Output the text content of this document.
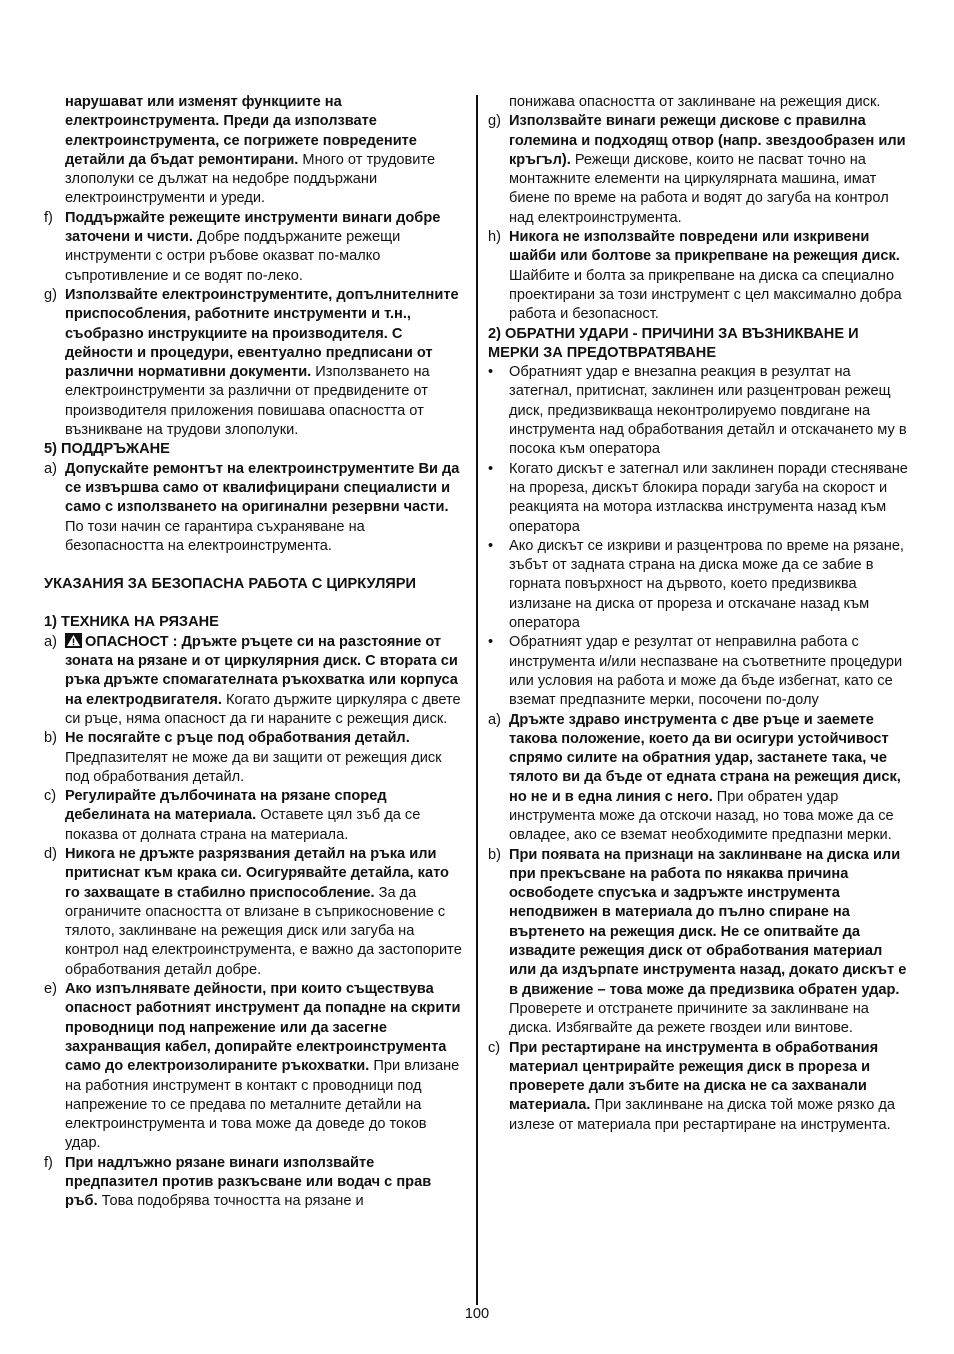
нарушават или изменят функциите на електроинструмента. Преди да използвате електроинструмента, се погрижете повредените детайли да бъдат ремонтирани. Много от трудовите злополуки се дължат на недобре поддържани електроинструменти и уреди.

f) Поддържайте режещите инструменти винаги добре заточени и чисти. Добре поддържаните режещи инструменти с остри ръбове оказват по-малко съпротивление и се водят по-леко.
g) Използвайте електроинструментите, допълнителните приспособления, работните инструменти и т.н., съобразно инструкциите на производителя. С дейности и процедури, евентуално предписани от различни нормативни документи. Използването на електроинструменти за различни от предвидените от производителя приложения повишава опасността от възникване на трудови злополуки.

5) ПОДДРЪЖАНЕ

a) Допускайте ремонтът на електроинструментите Ви да се извършва само от квалифицирани специалисти и само с използването на оригинални резервни части. По този начин се гарантира съхраняване на безопасността на електроинструмента.

УКАЗАНИЯ ЗА БЕЗОПАСНА РАБОТА С ЦИРКУЛЯРИ

1) ТЕХНИКА НА РЯЗАНЕ

a)	ОПАСНОСТ : Дръжте ръцете си на разстояние от зоната на рязане и от циркулярния диск. С втората си ръка дръжте спомагателната ръкохватка или корпуса на електродвигателя. Когато държите циркуляра с двете си ръце, няма опасност да ги нараните с режещия диск.
b) Не посягайте с ръце под обработвания детайл. Предпазителят не може да ви защити от режещия диск под обработвания детайл.
c) Регулирайте дълбочината на рязане според дебелината на материала. Оставете цял зъб да се показва от долната страна на материала.
d) Никога не дръжте разрязвания детайл на ръка или притиснат към крака си. Осигурявайте детайла, като го захващате в стабилно приспособление. За да ограничите опасността от влизане в съприкосновение с тялото, заклинване на режещия диск или загуба на контрол над електроинструмента, е важно да застопорите обработвания детайл добре.
e) Ако изпълнявате дейности, при които съществува опасност работният инструмент да попадне на скрити проводници под напрежение или да засегне захранващия кабел, допирайте електроинструмента само до електроизолираните ръкохватки. При влизане на работния инструмент в контакт с проводници под напрежение то се предава по металните детайли на електроинструмента и това може да доведе до токов удар.
f) При надлъжно рязане винаги използвайте предпазител против разкъсване или водач с прав ръб. Това подобрява точността на рязане и

понижава опасността от заклинване на режещия диск.

g) Използвайте винаги режещи дискове с правилна големина и подходящ отвор (напр. звездообразен или кръгъл). Режещи дискове, които не пасват точно на монтажните елементи на циркулярната машина, имат биене по време на работа и водят до загуба на контрол над електроинструмента.
h) Никога не използвайте повредени или изкривени шайби или болтове за прикрепване на режещия диск. Шайбите и болта за прикрепване на диска са специално проектирани за този инструмент с цел максимално добра работа и безопасност.

2) ОБРАТНИ УДАРИ - ПРИЧИНИ ЗА ВЪЗНИКВАНЕ И МЕРКИ ЗА ПРЕДОТВРАТЯВАНЕ

•	Обратният удар е внезапна реакция в резултат на затегнал, притиснат, заклинен или разцентрован режещ диск, предизвикваща неконтролируемо повдигане на инструмента над обработвания детайл и отскачането му в посока към оператора
•	Когато дискът е затегнал или заклинен поради стесняване на прореза, дискът блокира поради загуба на скорост и реакцията на мотора изтласква инструмента назад към оператора
•	Ако дискът се изкриви и разцентрова по време на рязане, зъбът от задната страна на диска може да се забие в горната повърхност на дървото, което предизвиква излизане на диска от прореза и отскачане назад към оператора
•	Обратният удар е резултат от неправилна работа с инструмента и/или неспазване на съответните процедури или условия на работа и може да бъде избегнат, като се вземат предпазните мерки, посочени по-долу
a) Дръжте здраво инструмента с две ръце и заемете такова положение, което да ви осигури устойчивост спрямо силите на обратния удар, застанете така, че тялото ви да бъде от едната страна на режещия диск, но не и в една линия с него. При обратен удар инструмента може да отскочи назад, но това може да се овладее, ако се вземат необходимите предпазни мерки.
b) При появата на признаци на заклинване на диска или при прекъсване на работа по някаква причина освободете спусъка и задръжте инструмента неподвижен в материала до пълно спиране на въртенето на режещия диск. Не се опитвайте да извадите режещия диск от обработвания материал или да издърпате инструмента назад, докато дискът е в движение – това може да предизвика обратен удар. Проверете и отстранете причините за заклинване на диска. Избягвайте да режете гвоздеи или винтове.
c) При рестартиране на инструмента в обработвания материал центрирайте режещия диск в прореза и проверете дали зъбите на диска не са захванали материала. При заклинване на диска той може рязко да излезе от материала при рестартиране на инструмента.
100
